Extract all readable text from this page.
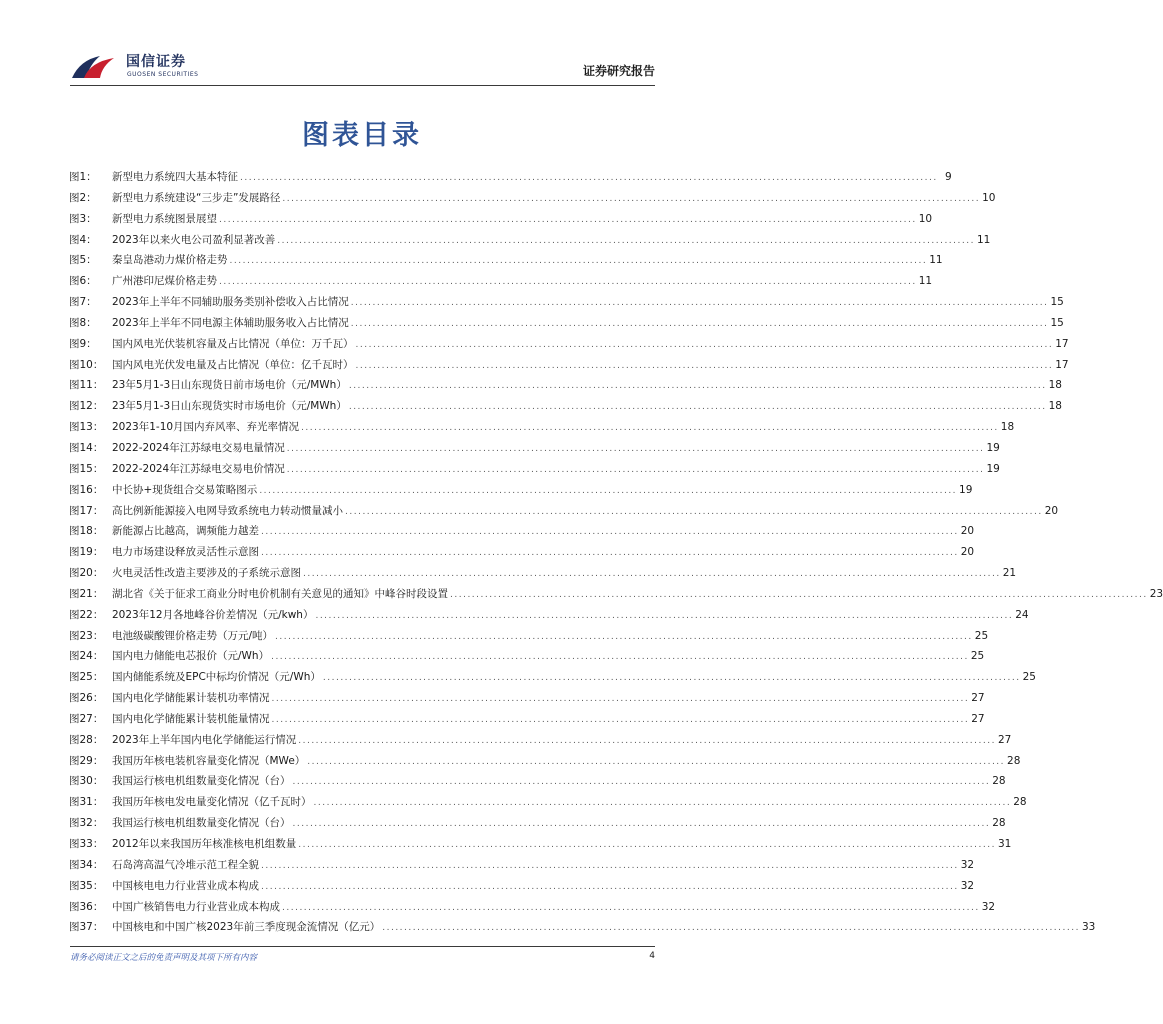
国信证券
GUOSEN SECURITIES	证券研究报告
图表目录
图1：	新型电力系统四大基本特征 .....	9
图2：	新型电力系统建设“三步走”发展路径 .....	10
图3：	新型电力系统图景展望 .....	10
图4：	2023年以来火电公司盈利显著改善 .....	11
图5：	秦皇岛港动力煤价格走势 .....	11
图6：	广州港印尼煤价格走势 .....	11
图7：	2023年上半年不同辅助服务类别补偿收入占比情况 .....	15
图8：	2023年上半年不同电源主体辅助服务收入占比情况 .....	15
图9：	国内风电光伏装机容量及占比情况（单位：万千瓦） .....	17
图10： 国内风电光伏发电量及占比情况（单位：亿千瓦时） .....	17
图11： 23年5月1-3日山东现货日前市场电价（元/MWh） .....	18
图12： 23年5月1-3日山东现货实时市场电价（元/MWh） .....	18
图13： 2023年1-10月国内弃风率、弃光率情况 .....	18
图14： 2022-2024年江苏绿电交易电量情况 .....	19
图15： 2022-2024年江苏绿电交易电价情况 .....	19
图16： 中长协+现货组合交易策略图示 .....	19
图17： 高比例新能源接入电网导致系统电力转动惯量减小 .....	20
图18： 新能源占比越高，调频能力越差 .....	20
图19： 电力市场建设释放灵活性示意图 .....	20
图20： 火电灵活性改造主要涉及的子系统示意图 .....	21
图21： 湖北省《关于征求工商业分时电价机制有关意见的通知》中峰谷时段设置 .....	23
图22： 2023年12月各地峰谷价差情况（元/kwh） .....	24
图23： 电池级碳酸锂价格走势（万元/吨） .....	25
图24： 国内电力储能电芯报价（元/Wh） .....	25
图25： 国内储能系统及EPC中标均价情况（元/Wh） .....	25
图26： 国内电化学储能累计装机功率情况 .....	27
图27： 国内电化学储能累计装机能量情况 .....	27
图28： 2023年上半年国内电化学储能运行情况 .....	27
图29： 我国历年核电装机容量变化情况（MWe） .....	28
图30： 我国运行核电机组数量变化情况（台） .....	28
图31： 我国历年核电发电量变化情况（亿千瓦时） .....	28
图32： 我国运行核电机组数量变化情况（台） .....	28
图33： 2012年以来我国历年核准核电机组数量 .....	31
图34： 石岛湾高温气冷堆示范工程全貌 .....	32
图35： 中国核电电力行业营业成本构成 .....	32
图36： 中国广核销售电力行业营业成本构成 .....	32
图37： 中国核电和中国广核2023年前三季度现金流情况（亿元） .....	33
请务必阅读正文之后的免责声明及其项下所有内容	4
